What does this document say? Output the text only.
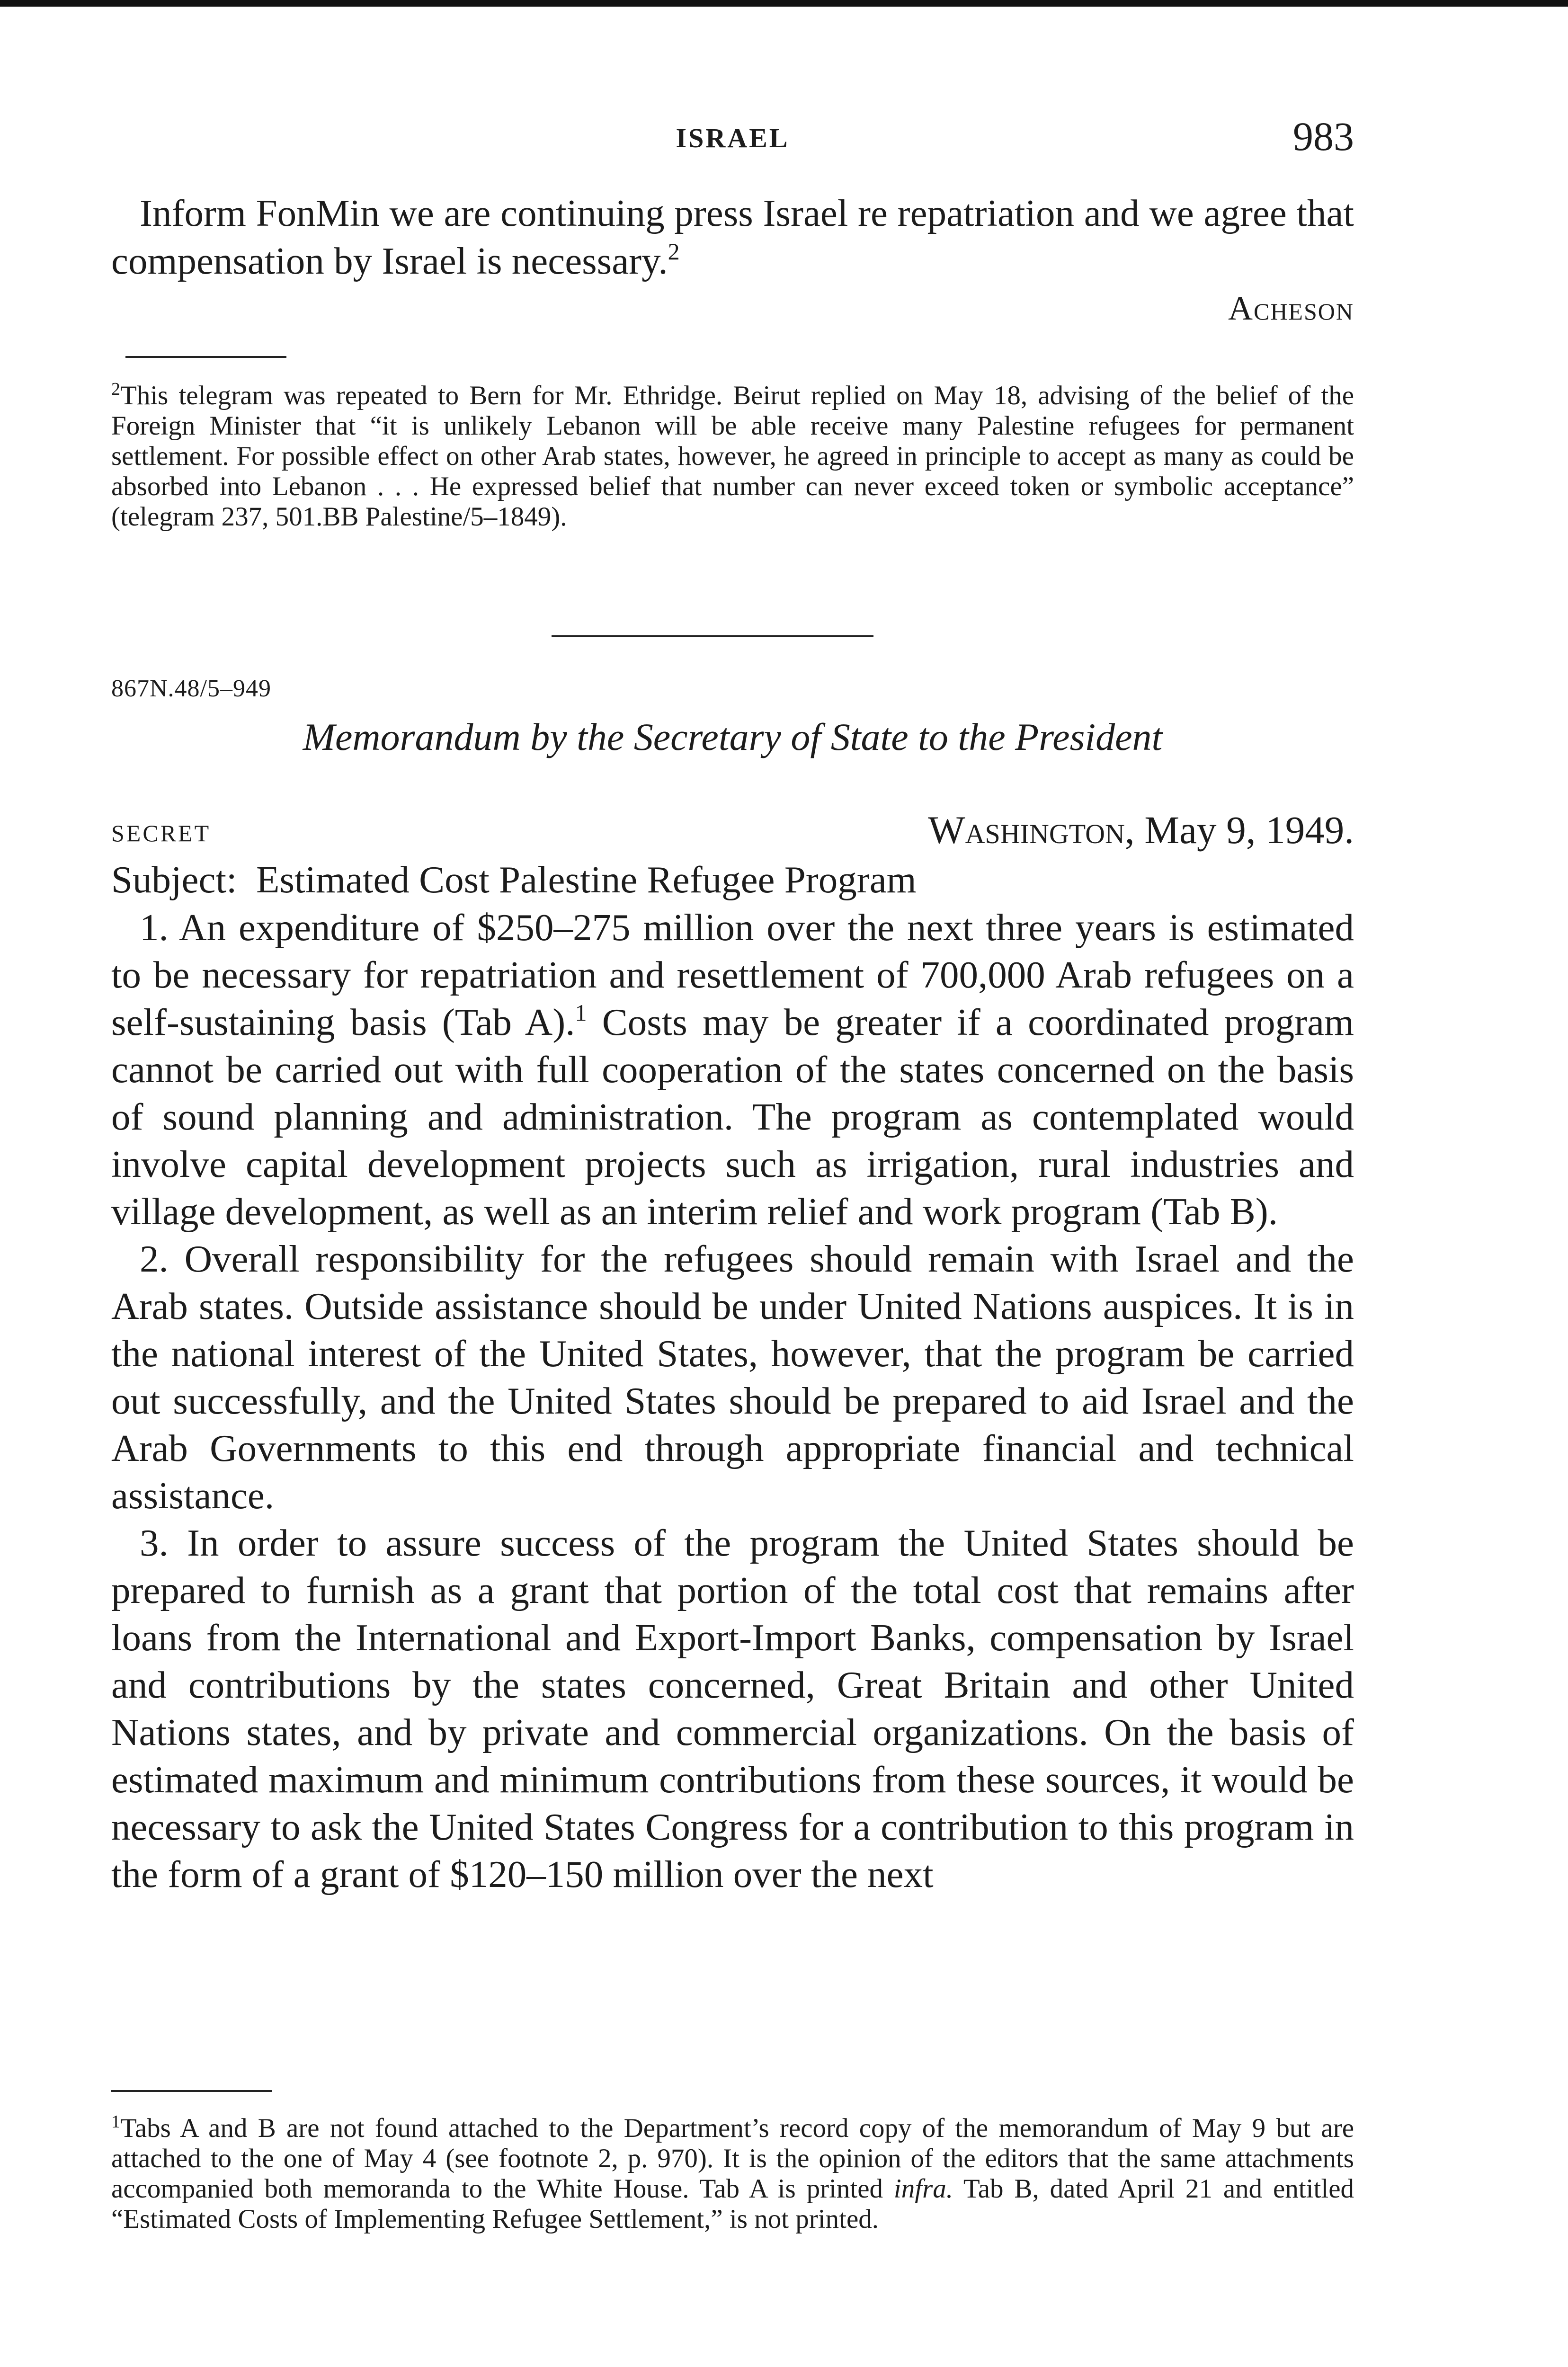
ISRAEL	983
Inform FonMin we are continuing press Israel re repatriation and we agree that compensation by Israel is necessary.$^2$
Acheson
$^2$This telegram was repeated to Bern for Mr. Ethridge. Beirut replied on May 18, advising of the belief of the Foreign Minister that “it is unlikely Lebanon will be able receive many Palestine refugees for permanent settlement. For possible effect on other Arab states, however, he agreed in principle to accept as many as could be absorbed into Lebanon . . . He expressed belief that number can never exceed token or symbolic acceptance” (telegram 237, 501.BB Palestine/5–1849).
867N.48/5–949
Memorandum by the Secretary of State to the President
SECRET	Washington, May 9, 1949.

Subject: Estimated Cost Palestine Refugee Program

1. An expenditure of $250–275 million over the next three years is estimated to be necessary for repatriation and resettlement of 700,000 Arab refugees on a self-sustaining basis (Tab A).$^1$ Costs may be greater if a coordinated program cannot be carried out with full cooperation of the states concerned on the basis of sound planning and administration. The program as contemplated would involve capital development projects such as irrigation, rural industries and village development, as well as an interim relief and work program (Tab B).

2. Overall responsibility for the refugees should remain with Israel and the Arab states. Outside assistance should be under United Nations auspices. It is in the national interest of the United States, however, that the program be carried out successfully, and the United States should be prepared to aid Israel and the Arab Governments to this end through appropriate financial and technical assistance.

3. In order to assure success of the program the United States should be prepared to furnish as a grant that portion of the total cost that remains after loans from the International and Export-Import Banks, compensation by Israel and contributions by the states concerned, Great Britain and other United Nations states, and by private and commercial organizations. On the basis of estimated maximum and minimum contributions from these sources, it would be necessary to ask the United States Congress for a contribution to this program in the form of a grant of $120–150 million over the next

$^1$Tabs A and B are not found attached to the Department’s record copy of the memorandum of May 9 but are attached to the one of May 4 (see footnote 2, p. 970). It is the opinion of the editors that the same attachments accompanied both memoranda to the White House. Tab A is printed infra. Tab B, dated April 21 and entitled “Estimated Costs of Implementing Refugee Settlement,” is not printed.
